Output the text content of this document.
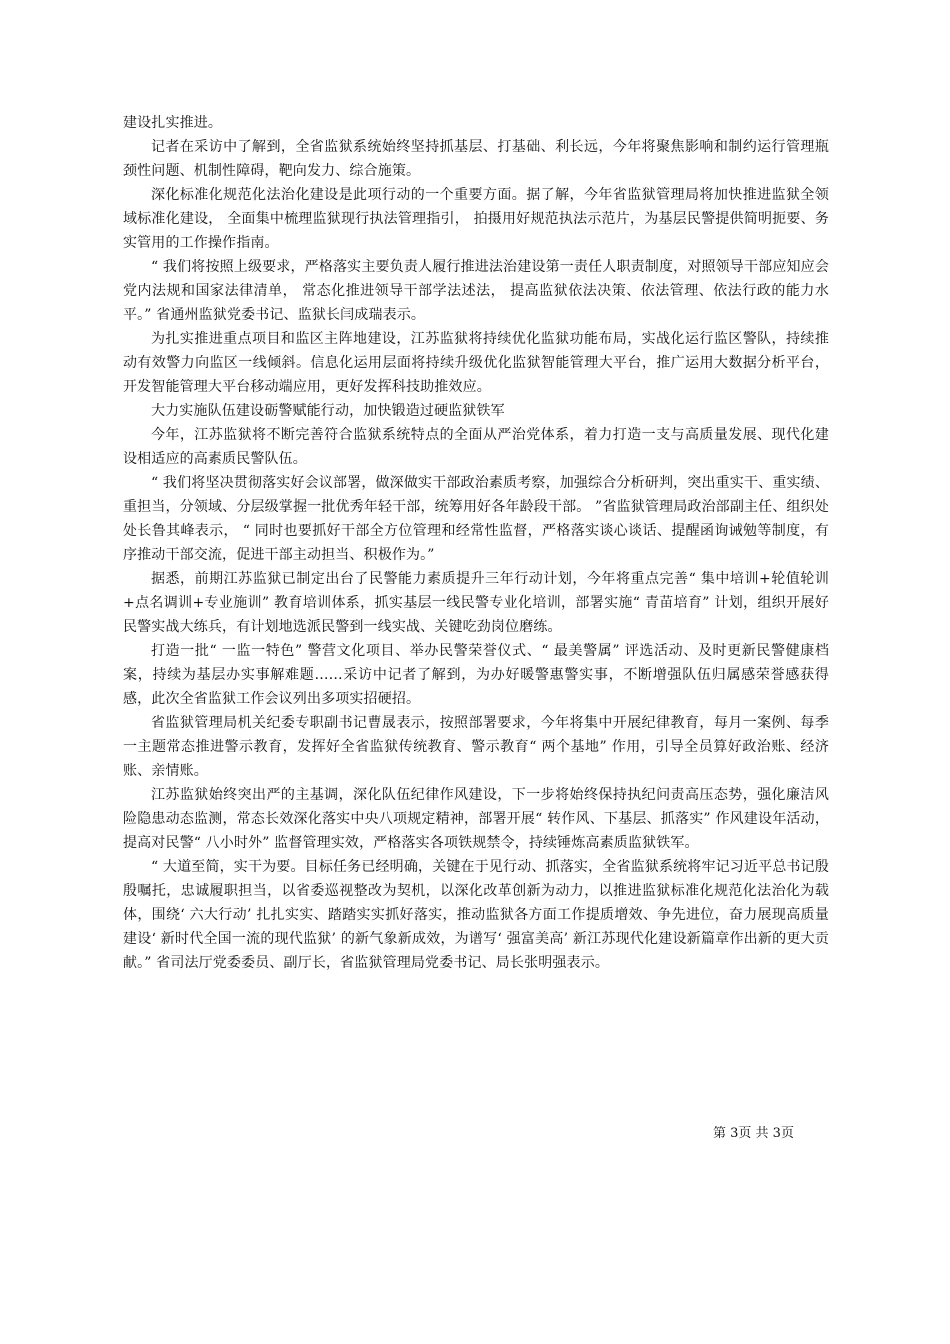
建设扎实推进。

记者在采访中了解到，全省监狱系统始终坚持抓基层、打基础、利长远，今年将聚焦影响和制约运行管理瓶颈性问题、机制性障碍，靶向发力、综合施策。

深化标准化规范化法治化建设是此项行动的一个重要方面。据了解，今年省监狱管理局将加快推进监狱全领域标准化建设， 全面集中梳理监狱现行执法管理指引， 拍摄用好规范执法示范片，为基层民警提供简明扼要、务实管用的工作操作指南。

“ 我们将按照上级要求，严格落实主要负责人履行推进法治建设第一责任人职责制度，对照领导干部应知应会党内法规和国家法律清单， 常态化推进领导干部学法述法， 提高监狱依法决策、依法管理、依法行政的能力水平。” 省通州监狱党委书记、监狱长闫成瑞表示。

为扎实推进重点项目和监区主阵地建设，江苏监狱将持续优化监狱功能布局，实战化运行监区警队，持续推动有效警力向监区一线倾斜。信息化运用层面将持续升级优化监狱智能管理大平台，推广运用大数据分析平台，开发智能管理大平台移动端应用，更好发挥科技助推效应。

大力实施队伍建设砺警赋能行动，加快锻造过硬监狱铁军

今年，江苏监狱将不断完善符合监狱系统特点的全面从严治党体系，着力打造一支与高质量发展、现代化建设相适应的高素质民警队伍。

“ 我们将坚决贯彻落实好会议部署，做深做实干部政治素质考察，加强综合分析研判，突出重实干、重实绩、重担当，分领域、分层级掌握一批优秀年轻干部，统筹用好各年龄段干部。 ”省监狱管理局政治部副主任、组织处处长鲁其峰表示， “ 同时也要抓好干部全方位管理和经常性监督，严格落实谈心谈话、提醒函询诫勉等制度，有序推动干部交流，促进干部主动担当、积极作为。”

据悉，前期江苏监狱已制定出台了民警能力素质提升三年行动计划，今年将重点完善“ 集中培训+轮值轮训+点名调训+专业施训” 教育培训体系，抓实基层一线民警专业化培训，部署实施“ 青苗培育” 计划，组织开展好民警实战大练兵，有计划地选派民警到一线实战、关键吃劲岗位磨练。

打造一批“ 一监一特色” 警营文化项目、举办民警荣誉仪式、“ 最美警属” 评选活动、及时更新民警健康档案，持续为基层办实事解难题……采访中记者了解到，为办好暖警惠警实事，不断增强队伍归属感荣誉感获得感，此次全省监狱工作会议列出多项实招硬招。

省监狱管理局机关纪委专职副书记曹晟表示，按照部署要求，今年将集中开展纪律教育，每月一案例、每季一主题常态推进警示教育，发挥好全省监狱传统教育、警示教育“ 两个基地” 作用，引导全员算好政治账、经济账、亲情账。

江苏监狱始终突出严的主基调，深化队伍纪律作风建设，下一步将始终保持执纪问责高压态势，强化廉洁风险隐患动态监测，常态长效深化落实中央八项规定精神，部署开展“ 转作风、下基层、抓落实” 作风建设年活动，提高对民警“ 八小时外” 监督管理实效，严格落实各项铁规禁令，持续锤炼高素质监狱铁军。

“ 大道至简，实干为要。目标任务已经明确，关键在于见行动、抓落实，全省监狱系统将牢记习近平总书记殷殷嘱托，忠诚履职担当，以省委巡视整改为契机，以深化改革创新为动力，以推进监狱标准化规范化法治化为载体，围绕‘ 六大行动’ 扎扎实实、踏踏实实抓好落实，推动监狱各方面工作提质增效、争先进位，奋力展现高质量建设‘ 新时代全国一流的现代监狱’ 的新气象新成效，为谱写‘ 强富美高’ 新江苏现代化建设新篇章作出新的更大贡献。” 省司法厅党委委员、副厅长，省监狱管理局党委书记、局长张明强表示。

第 3页 共 3页
